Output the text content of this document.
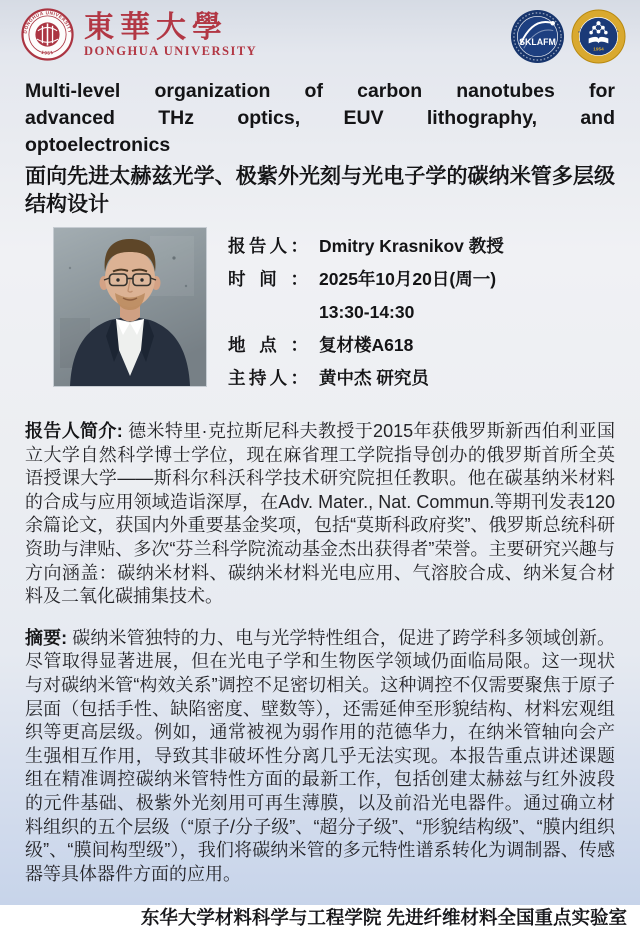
DONGHUA UNIVERSITY
·1951·
東華大學
DONGHUA UNIVERSITY
SKLAFM
1954
DONGHUA UNIVERSITY
Multi-level organization of carbon nanotubes for
advanced THz optics, EUV lithography, and
optoelectronics
面向先进太赫兹光学、极紫外光刻与光电子学的碳纳米管多层级结构设计
报告人： Dmitry Krasnikov 教授
时间： 2025年10月20日(周一)
13:30-14:30
地点： 复材楼A618
主持人： 黄中杰 研究员

报告人简介: 德米特里·克拉斯尼科夫教授于2015年获俄罗斯新西伯利亚国立大学自然科学博士学位，现在麻省理工学院指导创办的俄罗斯首所全英语授课大学——斯科尔科沃科学技术研究院担任教职。他在碳基纳米材料的合成与应用领域造诣深厚，在Adv. Mater., Nat. Commun.等期刊发表120余篇论文，获国内外重要基金奖项，包括“莫斯科政府奖”、俄罗斯总统科研资助与津贴、多次“芬兰科学院流动基金杰出获得者”荣誉。主要研究兴趣与方向涵盖：碳纳米材料、碳纳米材料光电应用、气溶胶合成、纳米复合材料及二氧化碳捕集技术。

摘要: 碳纳米管独特的力、电与光学特性组合，促进了跨学科多领域创新。尽管取得显著进展，但在光电子学和生物医学领域仍面临局限。这一现状与对碳纳米管“构效关系”调控不足密切相关。这种调控不仅需要聚焦于原子层面（包括手性、缺陷密度、壁数等），还需延伸至形貌结构、材料宏观组织等更高层级。例如，通常被视为弱作用的范德华力，在纳米管轴向会产生强相互作用，导致其非破坏性分离几乎无法实现。本报告重点讲述课题组在精准调控碳纳米管特性方面的最新工作，包括创建太赫兹与红外波段的元件基础、极紫外光刻用可再生薄膜，以及前沿光电器件。通过确立材料组织的五个层级（“原子/分子级”、“超分子级”、“形貌结构级”、“膜内组织级”、“膜间构型级”），我们将碳纳米管的多元特性谱系转化为调制器、传感器等具体器件方面的应用。

东华大学材料科学与工程学院 先进纤维材料全国重点实验室
